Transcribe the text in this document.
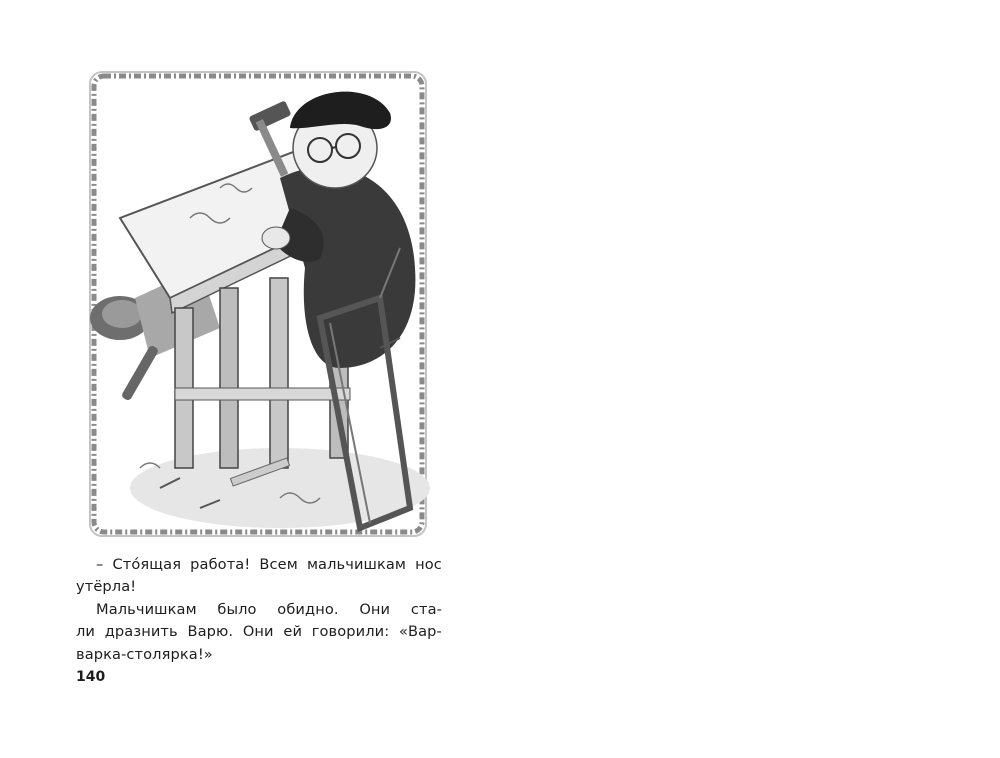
– Сто́ящая работа! Всем мальчишкам нос
утёрла!
Мальчишкам было обидно. Они ста-
ли дразнить Варю. Они ей говорили: «Вар-
варка-столярка!»
140
